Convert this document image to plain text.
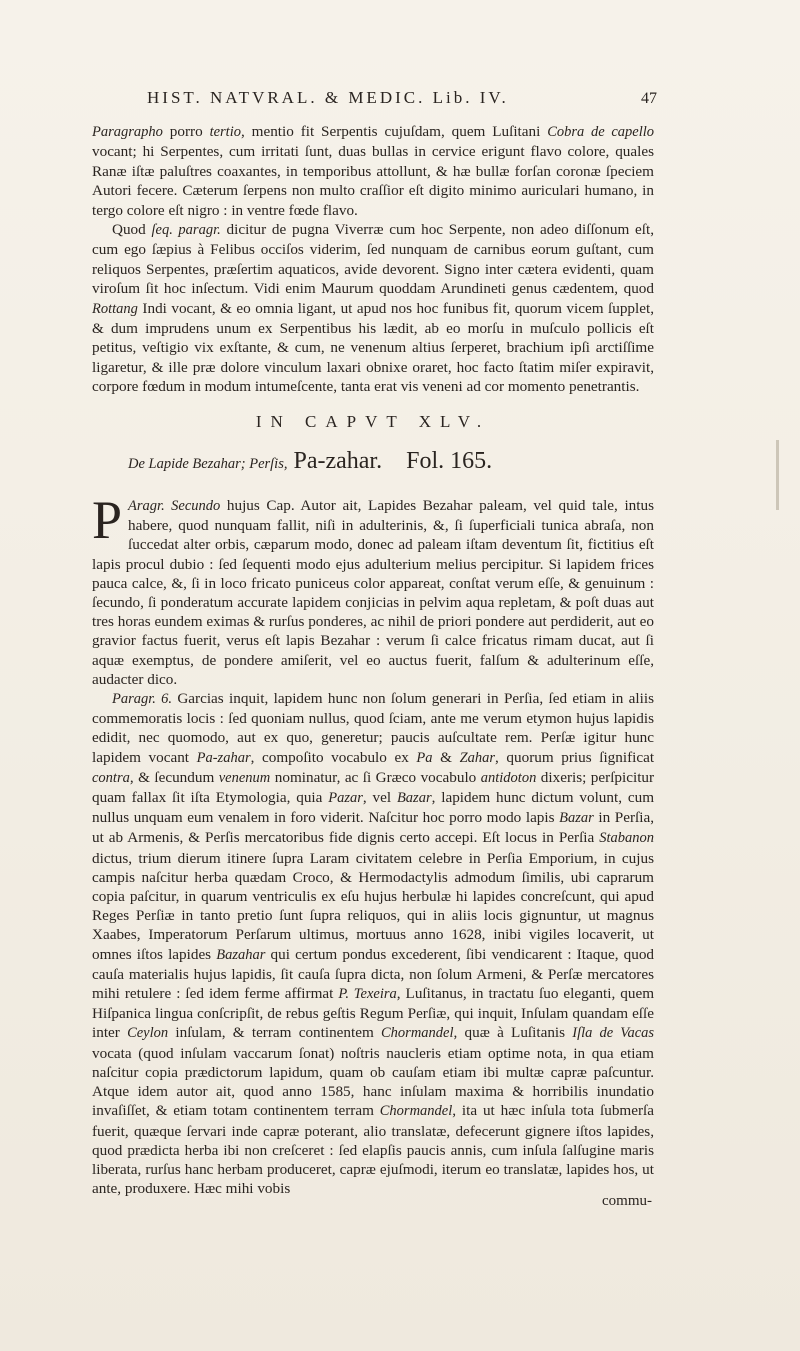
HIST. NATVRAL. & MEDIC. Lib. IV.	47

Paragrapho porro tertio, mentio fit Serpentis cujuſdam, quem Luſitani Cobra de capello vocant; hi Serpentes, cum irritati ſunt, duas bullas in cervice erigunt flavo colore, quales Ranæ iſtæ paluſtres coaxantes, in temporibus attollunt, & hæ bullæ forſan coronæ ſpeciem Autori fecere. Cæterum ſerpens non multo craſſior eſt digito minimo auriculari humano, in tergo colore eſt nigro : in ventre fœde flavo.

Quod ſeq. paragr. dicitur de pugna Viverræ cum hoc Serpente, non adeo diſſonum eſt, cum ego ſæpius à Felibus occiſos viderim, ſed nunquam de carnibus eorum guſtant, cum reliquos Serpentes, præſertim aquaticos, avide devorent. Signo inter cætera evidenti, quam viroſum ſit hoc inſectum. Vidi enim Maurum quoddam Arundineti genus cædentem, quod Rottang Indi vocant, & eo omnia ligant, ut apud nos hoc funibus fit, quorum vicem ſupplet, & dum imprudens unum ex Serpentibus his lædit, ab eo morſu in muſculo pollicis eſt petitus, veſtigio vix exſtante, & cum, ne venenum altius ſerperet, brachium ipſi arctiſſime ligaretur, & ille præ dolore vinculum laxari obnixe oraret, hoc facto ſtatim miſer expiravit, corpore fœdum in modum intumeſcente, tanta erat vis veneni ad cor momento penetrantis.

IN CAPVT XLV.
De Lapide Bezahar; Perſis, Pa-zahar. Fol. 165.

P Aragr. Secundo hujus Cap. Autor ait, Lapides Bezahar paleam, vel quid tale, intus habere, quod nunquam fallit, niſi in adulterinis, &, ſi ſuperficiali tunica abraſa, non ſuccedat alter orbis, cæparum modo, donec ad paleam iſtam deventum ſit, fictitius eſt lapis procul dubio : ſed ſequenti modo ejus adulterium melius percipitur. Si lapidem frices pauca calce, &, ſi in loco fricato puniceus color appareat, conſtat verum eſſe, & genuinum : ſecundo, ſi ponderatum accurate lapidem conjicias in pelvim aqua repletam, & poſt duas aut tres horas eundem eximas & rurſus ponderes, ac nihil de priori pondere aut perdiderit, aut eo gravior factus fuerit, verus eſt lapis Bezahar : verum ſi calce fricatus rimam ducat, aut ſi aquæ exemptus, de pondere amiſerit, vel eo auctus fuerit, falſum & adulterinum eſſe, audacter dico.

Paragr. 6. Garcias inquit, lapidem hunc non ſolum generari in Perſia, ſed etiam in aliis commemoratis locis : ſed quoniam nullus, quod ſciam, ante me verum etymon hujus lapidis edidit, nec quomodo, aut ex quo, generetur; paucis auſcultate rem. Perſæ igitur hunc lapidem vocant Pa-zahar, compoſito vocabulo ex Pa & Zahar, quorum prius ſignificat contra, & ſecundum venenum nominatur, ac ſi Græco vocabulo antidoton dixeris; perſpicitur quam fallax ſit iſta Etymologia, quia Pazar, vel Bazar, lapidem hunc dictum volunt, cum nullus unquam eum venalem in foro viderit. Naſcitur hoc porro modo lapis Bazar in Perſia, ut ab Armenis, & Perſis mercatoribus fide dignis certo accepi. Eſt locus in Perſia Stabanon dictus, trium dierum itinere ſupra Laram civitatem celebre in Perſia Emporium, in cujus campis naſcitur herba quædam Croco, & Hermodactylis admodum ſimilis, ubi caprarum copia paſcitur, in quarum ventriculis ex eſu hujus herbulæ hi lapides concreſcunt, qui apud Reges Perſiæ in tanto pretio ſunt ſupra reliquos, qui in aliis locis gignuntur, ut magnus Xaabes, Imperatorum Perſarum ultimus, mortuus anno 1628, inibi vigiles locaverit, ut omnes iſtos lapides Bazahar qui certum pondus excederent, ſibi vendicarent : Itaque, quod cauſa materialis hujus lapidis, ſit cauſa ſupra dicta, non ſolum Armeni, & Perſæ mercatores mihi retulere : ſed idem ferme affirmat P. Texeira, Luſitanus, in tractatu ſuo eleganti, quem Hiſpanica lingua conſcripſit, de rebus geſtis Regum Perſiæ, qui inquit, Inſulam quandam eſſe inter Ceylon inſulam, & terram continentem Chormandel, quæ à Luſitanis Iſla de Vacas vocata (quod inſulam vaccarum ſonat) noſtris naucleris etiam optime nota, in qua etiam naſcitur copia prædictorum lapidum, quam ob cauſam etiam ibi multæ capræ paſcuntur. Atque idem autor ait, quod anno 1585, hanc inſulam maxima & horribilis inundatio invaſiſſet, & etiam totam continentem terram Chormandel, ita ut hæc inſula tota ſubmerſa fuerit, quæque ſervari inde capræ poterant, alio translatæ, defecerunt gignere iſtos lapides, quod prædicta herba ibi non creſceret : ſed elapſis paucis annis, cum inſula ſalſugine maris liberata, rurſus hanc herbam produceret, capræ ejuſmodi, iterum eo translatæ, lapides hos, ut ante, produxere. Hæc mihi vobis

commu-
